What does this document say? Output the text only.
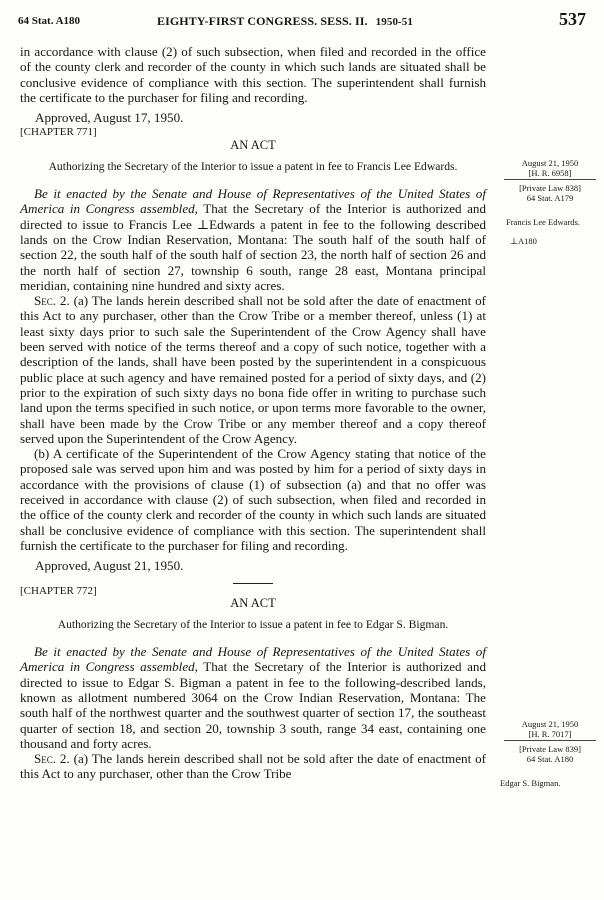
64 Stat. A180	EIGHTY-FIRST CONGRESS. SESS. II. 1950-51	537

in accordance with clause (2) of such subsection, when filed and recorded in the office of the county clerk and recorder of the county in which such lands are situated shall be conclusive evidence of compliance with this section. The superintendent shall furnish the certificate to the purchaser for filing and recording.

Approved, August 17, 1950.

[CHAPTER 771]

AN ACT

Authorizing the Secretary of the Interior to issue a patent in fee to Francis Lee Edwards.

Be it enacted by the Senate and House of Representatives of the United States of America in Congress assembled, That the Secretary of the Interior is authorized and directed to issue to Francis Lee ⊥Edwards a patent in fee to the following described lands on the Crow Indian Reservation, Montana: The south half of the south half of section 22, the south half of the south half of section 23, the north half of section 26 and the north half of section 27, township 6 south, range 28 east, Montana principal meridian, containing nine hundred and sixty acres.

Sec. 2. (a) The lands herein described shall not be sold after the date of enactment of this Act to any purchaser, other than the Crow Tribe or a member thereof, unless (1) at least sixty days prior to such sale the Superintendent of the Crow Agency shall have been served with notice of the terms thereof and a copy of such notice, together with a description of the lands, shall have been posted by the superintendent in a conspicuous public place at such agency and have remained posted for a period of sixty days, and (2) prior to the expiration of such sixty days no bona fide offer in writing to purchase such land upon the terms specified in such notice, or upon terms more favorable to the owner, shall have been made by the Crow Tribe or any member thereof and a copy thereof served upon the Superintendent of the Crow Agency.

(b) A certificate of the Superintendent of the Crow Agency stating that notice of the proposed sale was served upon him and was posted by him for a period of sixty days in accordance with the provisions of clause (1) of subsection (a) and that no offer was received in accordance with clause (2) of such subsection, when filed and recorded in the office of the county clerk and recorder of the county in which such lands are situated shall be conclusive evidence of compliance with this section. The superintendent shall furnish the certificate to the purchaser for filing and recording.

Approved, August 21, 1950.

[CHAPTER 772]

AN ACT

Authorizing the Secretary of the Interior to issue a patent in fee to Edgar S. Bigman.

Be it enacted by the Senate and House of Representatives of the United States of America in Congress assembled, That the Secretary of the Interior is authorized and directed to issue to Edgar S. Bigman a patent in fee to the following-described lands, known as allotment numbered 3064 on the Crow Indian Reservation, Montana: The south half of the northwest quarter and the southwest quarter of section 17, the southeast quarter of section 18, and section 20, township 3 south, range 34 east, containing one thousand and forty acres.

Sec. 2. (a) The lands herein described shall not be sold after the date of enactment of this Act to any purchaser, other than the Crow Tribe

August 21, 1950
[H. R. 6958]
[Private Law 838]
64 Stat. A179
Francis Lee Edwards.
⊥A180
August 21, 1950
[H. R. 7017]
[Private Law 839]
64 Stat. A180
Edgar S. Bigman.
